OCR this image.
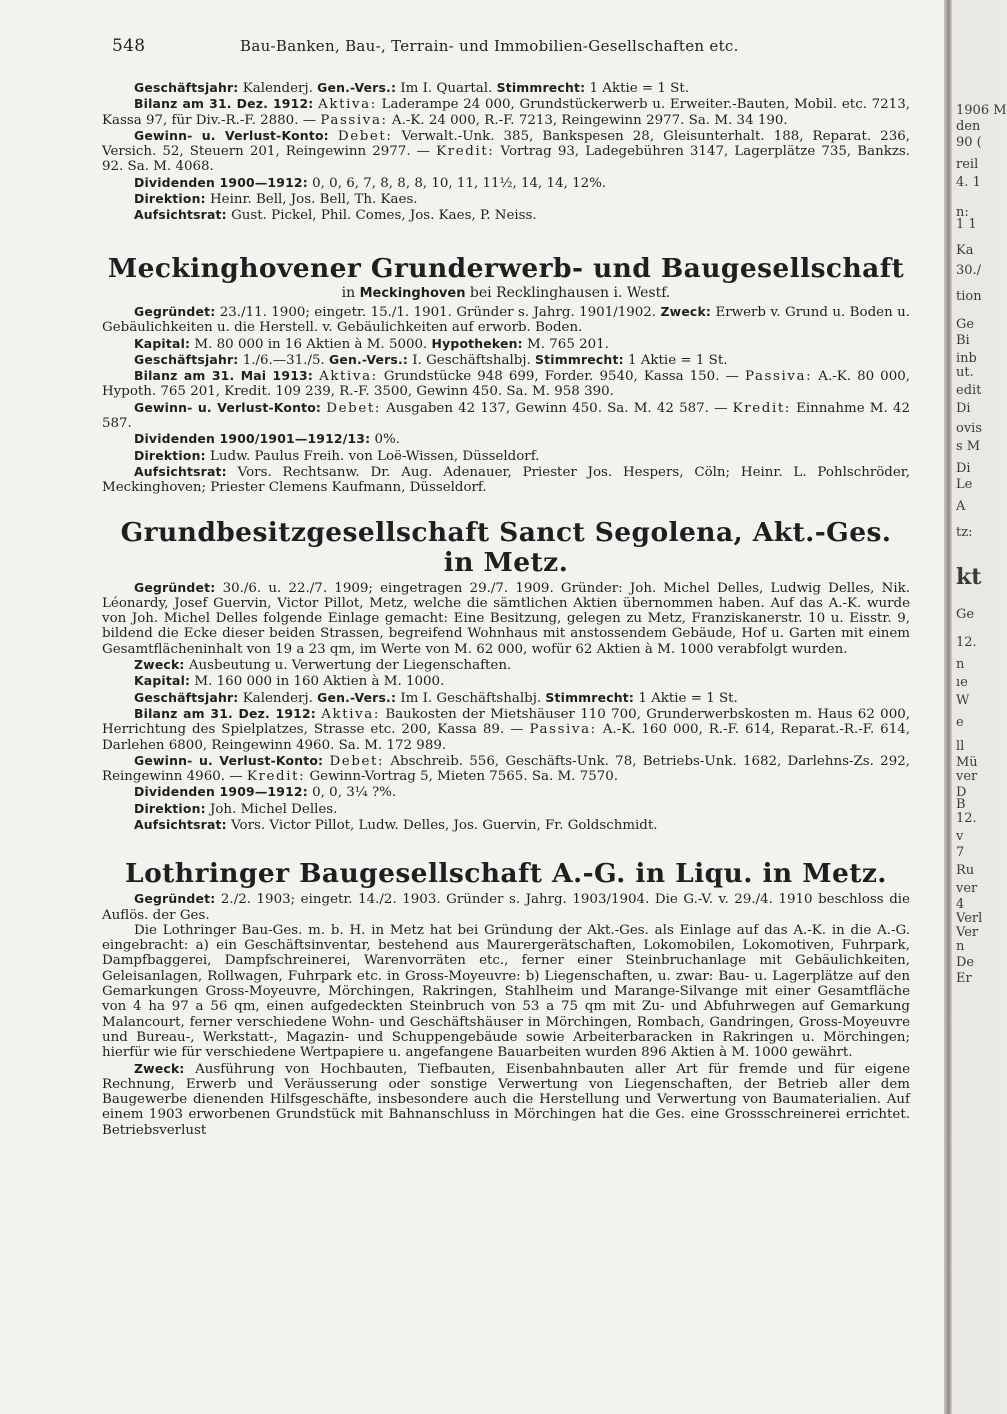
548	Bau-Banken, Bau-, Terrain- und Immobilien-Gesellschaften etc.

Geschäftsjahr: Kalenderj. Gen.-Vers.: Im I. Quartal. Stimmrecht: 1 Aktie = 1 St.

Bilanz am 31. Dez. 1912: Aktiva: Laderampe 24 000, Grundstückerwerb u. Erweiter.-Bauten, Mobil. etc. 7213, Kassa 97, für Div.-R.-F. 2880. — Passiva: A.-K. 24 000, R.-F. 7213, Reingewinn 2977. Sa. M. 34 190.

Gewinn- u. Verlust-Konto: Debet: Verwalt.-Unk. 385, Bankspesen 28, Gleisunterhalt. 188, Reparat. 236, Versich. 52, Steuern 201, Reingewinn 2977. — Kredit: Vortrag 93, Ladegebühren 3147, Lagerplätze 735, Bankzs. 92. Sa. M. 4068.

Dividenden 1900—1912: 0, 0, 6, 7, 8, 8, 8, 10, 11, 11½, 14, 14, 12%.

Direktion: Heinr. Bell, Jos. Bell, Th. Kaes.

Aufsichtsrat: Gust. Pickel, Phil. Comes, Jos. Kaes, P. Neiss.

Meckinghovener Grunderwerb- und Baugesellschaft
in Meckinghoven bei Recklinghausen i. Westf.

Gegründet: 23./11. 1900; eingetr. 15./1. 1901. Gründer s. Jahrg. 1901/1902. Zweck: Erwerb v. Grund u. Boden u. Gebäulichkeiten u. die Herstell. v. Gebäulichkeiten auf erworb. Boden.

Kapital: M. 80 000 in 16 Aktien à M. 5000. Hypotheken: M. 765 201.

Geschäftsjahr: 1./6.—31./5. Gen.-Vers.: I. Geschäftshalbj. Stimmrecht: 1 Aktie = 1 St.

Bilanz am 31. Mai 1913: Aktiva: Grundstücke 948 699, Forder. 9540, Kassa 150. — Passiva: A.-K. 80 000, Hypoth. 765 201, Kredit. 109 239, R.-F. 3500, Gewinn 450. Sa. M. 958 390.

Gewinn- u. Verlust-Konto: Debet: Ausgaben 42 137, Gewinn 450. Sa. M. 42 587. — Kredit: Einnahme M. 42 587.

Dividenden 1900/1901—1912/13: 0%.

Direktion: Ludw. Paulus Freih. von Loë-Wissen, Düsseldorf.

Aufsichtsrat: Vors. Rechtsanw. Dr. Aug. Adenauer, Priester Jos. Hespers, Cöln; Heinr. L. Pohlschröder, Meckinghoven; Priester Clemens Kaufmann, Düsseldorf.

Grundbesitzgesellschaft Sanct Segolena, Akt.-Ges. in Metz.

Gegründet: 30./6. u. 22./7. 1909; eingetragen 29./7. 1909. Gründer: Joh. Michel Delles, Ludwig Delles, Nik. Léonardy, Josef Guervin, Victor Pillot, Metz, welche die sämtlichen Aktien übernommen haben. Auf das A.-K. wurde von Joh. Michel Delles folgende Einlage gemacht: Eine Besitzung, gelegen zu Metz, Franziskanerstr. 10 u. Eisstr. 9, bildend die Ecke dieser beiden Strassen, begreifend Wohnhaus mit anstossendem Gebäude, Hof u. Garten mit einem Gesamtflächeninhalt von 19 a 23 qm, im Werte von M. 62 000, wofür 62 Aktien à M. 1000 verabfolgt wurden.

Zweck: Ausbeutung u. Verwertung der Liegenschaften.

Kapital: M. 160 000 in 160 Aktien à M. 1000.

Geschäftsjahr: Kalenderj. Gen.-Vers.: Im I. Geschäftshalbj. Stimmrecht: 1 Aktie = 1 St.

Bilanz am 31. Dez. 1912: Aktiva: Baukosten der Mietshäuser 110 700, Grunderwerbskosten m. Haus 62 000, Herrichtung des Spielplatzes, Strasse etc. 200, Kassa 89. — Passiva: A.-K. 160 000, R.-F. 614, Reparat.-R.-F. 614, Darlehen 6800, Reingewinn 4960. Sa. M. 172 989.

Gewinn- u. Verlust-Konto: Debet: Abschreib. 556, Geschäfts-Unk. 78, Betriebs-Unk. 1682, Darlehns-Zs. 292, Reingewinn 4960. — Kredit: Gewinn-Vortrag 5, Mieten 7565. Sa. M. 7570.

Dividenden 1909—1912: 0, 0, 3¼ ?%.

Direktion: Joh. Michel Delles.

Aufsichtsrat: Vors. Victor Pillot, Ludw. Delles, Jos. Guervin, Fr. Goldschmidt.

Lothringer Baugesellschaft A.-G. in Liqu. in Metz.

Gegründet: 2./2. 1903; eingetr. 14./2. 1903. Gründer s. Jahrg. 1903/1904. Die G.-V. v. 29./4. 1910 beschloss die Auflös. der Ges.

Die Lothringer Bau-Ges. m. b. H. in Metz hat bei Gründung der Akt.-Ges. als Einlage auf das A.-K. in die A.-G. eingebracht: a) ein Geschäftsinventar, bestehend aus Maurergerätschaften, Lokomobilen, Lokomotiven, Fuhrpark, Dampfbaggerei, Dampfschreinerei, Warenvorräten etc., ferner einer Steinbruchanlage mit Gebäulichkeiten, Geleisanlagen, Rollwagen, Fuhrpark etc. in Gross-Moyeuvre: b) Liegenschaften, u. zwar: Bau- u. Lagerplätze auf den Gemarkungen Gross-Moyeuvre, Mörchingen, Rakringen, Stahlheim und Marange-Silvange mit einer Gesamtfläche von 4 ha 97 a 56 qm, einen aufgedeckten Steinbruch von 53 a 75 qm mit Zu- und Abfuhrwegen auf Gemarkung Malancourt, ferner verschiedene Wohn- und Geschäftshäuser in Mörchingen, Rombach, Gandringen, Gross-Moyeuvre und Bureau-, Werkstatt-, Magazin- und Schuppengebäude sowie Arbeiterbaracken in Rakringen u. Mörchingen; hierfür wie für verschiedene Wertpapiere u. angefangene Bauarbeiten wurden 896 Aktien à M. 1000 gewährt.

Zweck: Ausführung von Hochbauten, Tiefbauten, Eisenbahnbauten aller Art für fremde und für eigene Rechnung, Erwerb und Veräusserung oder sonstige Verwertung von Liegenschaften, der Betrieb aller dem Baugewerbe dienenden Hilfsgeschäfte, insbesondere auch die Herstellung und Verwertung von Baumaterialien. Auf einem 1903 erworbenen Grundstück mit Bahnanschluss in Mörchingen hat die Ges. eine Grossschreinerei errichtet. Betriebsverlust

1906 M
den
90 (
reil
4. 1
n:
1 1
Ka
30./
tion
Ge
Bi
inb
ut.
edit
Di
ovis
s M
Di
Le
A
tz:
kt
Ge
12.
n
ıe
W
e
ll
Mü
ver
D
B
12.
v
7
Ru
ver
4
Verl
Ver
n
De
Er
